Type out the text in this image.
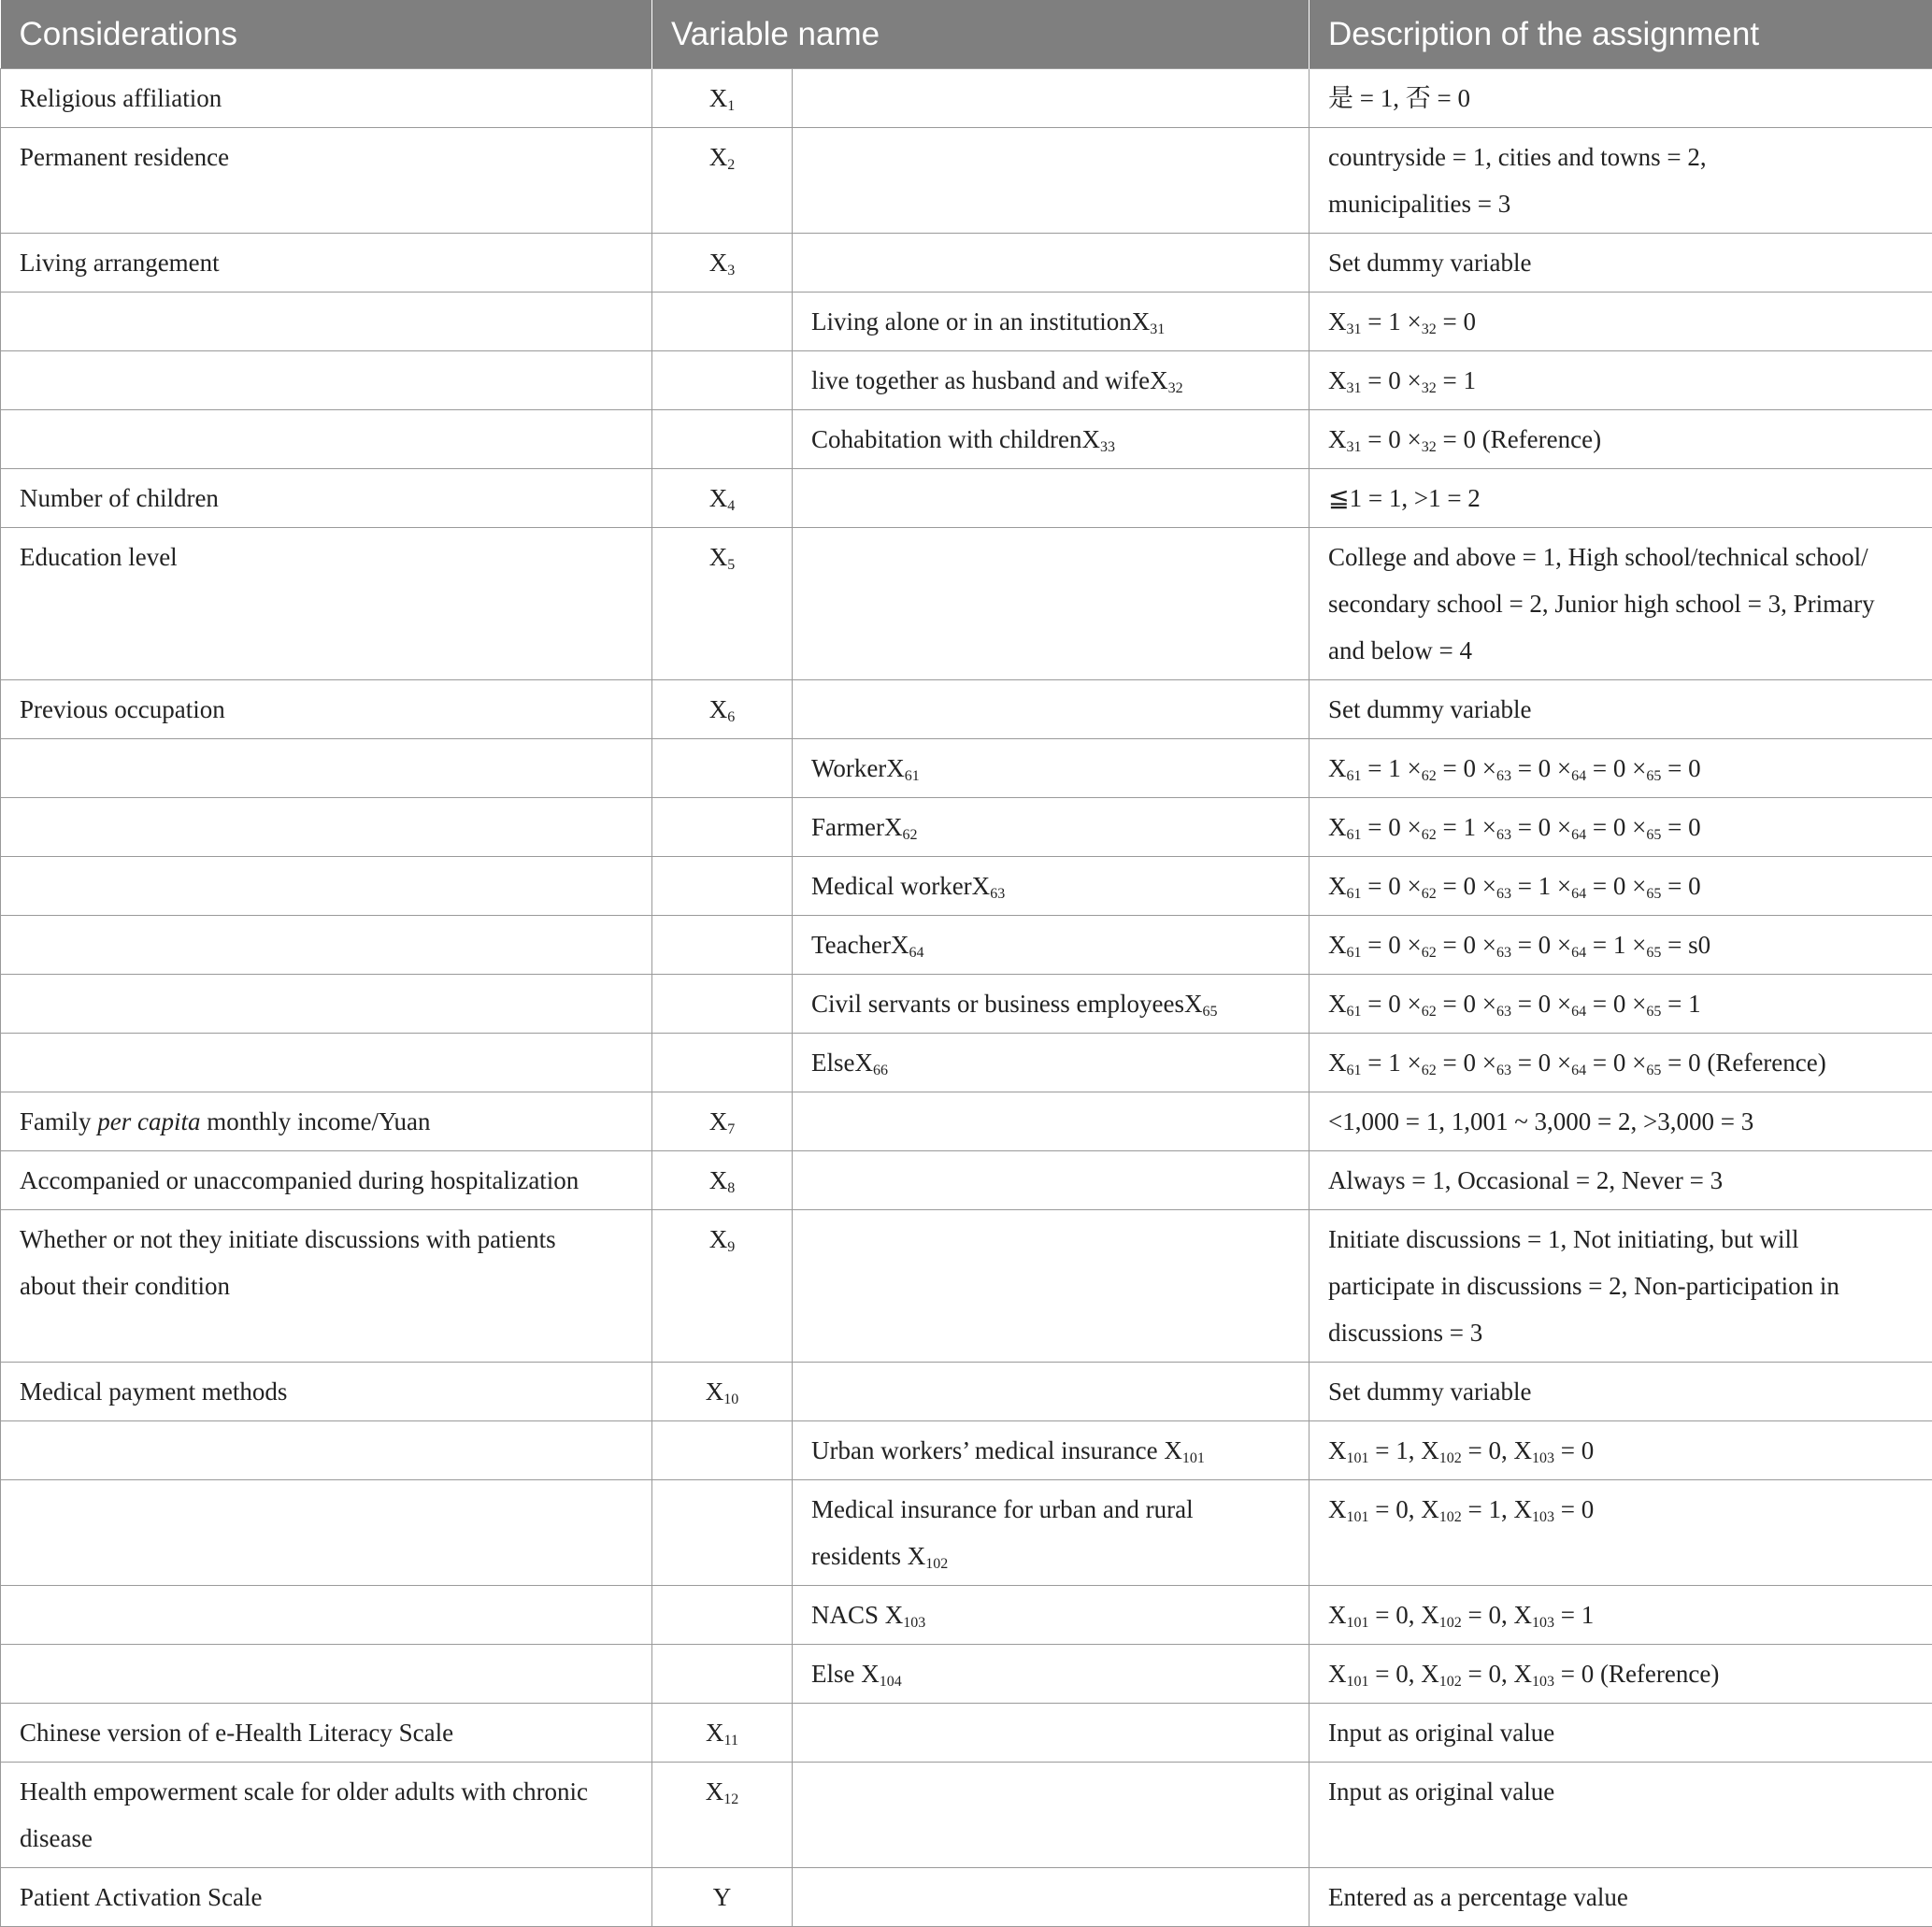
Considerations	Variable name		Description of the assignment
Religious affiliation	$X_1$		是 = 1, 否 = 0
Permanent residence	$X_2$		countryside = 1, cities and towns = 2,
municipalities = 3
Living arrangement	$X_3$		Set dummy variable
		Living alone or in an institutionX$_{31}$	$X_{31} = 1 \times_{32} = 0$
		live together as husband and wifeX$_{32}$	$X_{31} = 0 \times_{32} = 1$
		Cohabitation with childrenX$_{33}$	$X_{31} = 0 \times_{32} = 0$ (Reference)
Number of children	$X_4$		≦1 = 1, >1 = 2
Education level	$X_5$		College and above = 1, High school/technical school/
secondary school = 2, Junior high school = 3, Primary
and below = 4
Previous occupation	$X_6$		Set dummy variable
		WorkerX$_{61}$	$X_{61} = 1 \times_{62} = 0 \times_{63} = 0 \times_{64} = 0 \times_{65} = 0$
		FarmerX$_{62}$	$X_{61} = 0 \times_{62} = 1 \times_{63} = 0 \times_{64} = 0 \times_{65} = 0$
		Medical workerX$_{63}$	$X_{61} = 0 \times_{62} = 0 \times_{63} = 1 \times_{64} = 0 \times_{65} = 0$
		TeacherX$_{64}$	$X_{61} = 0 \times_{62} = 0 \times_{63} = 0 \times_{64} = 1 \times_{65} = s0$
		Civil servants or business employeesX$_{65}$	$X_{61} = 0 \times_{62} = 0 \times_{63} = 0 \times_{64} = 0 \times_{65} = 1$
		ElseX$_{66}$	$X_{61} = 1 \times_{62} = 0 \times_{63} = 0 \times_{64} = 0 \times_{65} = 0$ (Reference)
Family per capita monthly income/Yuan	$X_7$		<1,000 = 1, 1,001 ~ 3,000 = 2, >3,000 = 3
Accompanied or unaccompanied during hospitalization	$X_8$		Always = 1, Occasional = 2, Never = 3
Whether or not they initiate discussions with patients
about their condition	$X_9$		Initiate discussions = 1, Not initiating, but will
participate in discussions = 2, Non-participation in
discussions = 3
Medical payment methods	$X_{10}$		Set dummy variable
		Urban workers’ medical insurance $X_{101}$	$X_{101} = 1$, $X_{102} = 0$, $X_{103} = 0$
		Medical insurance for urban and rural
residents $X_{102}$	$X_{101} = 0$, $X_{102} = 1$, $X_{103} = 0$
		NACS $X_{103}$	$X_{101} = 0$, $X_{102} = 0$, $X_{103} = 1$
		Else $X_{104}$	$X_{101} = 0$, $X_{102} = 0$, $X_{103} = 0$ (Reference)
Chinese version of e-Health Literacy Scale	$X_{11}$		Input as original value
Health empowerment scale for older adults with chronic
disease	$X_{12}$		Input as original value
Patient Activation Scale	Y		Entered as a percentage value
